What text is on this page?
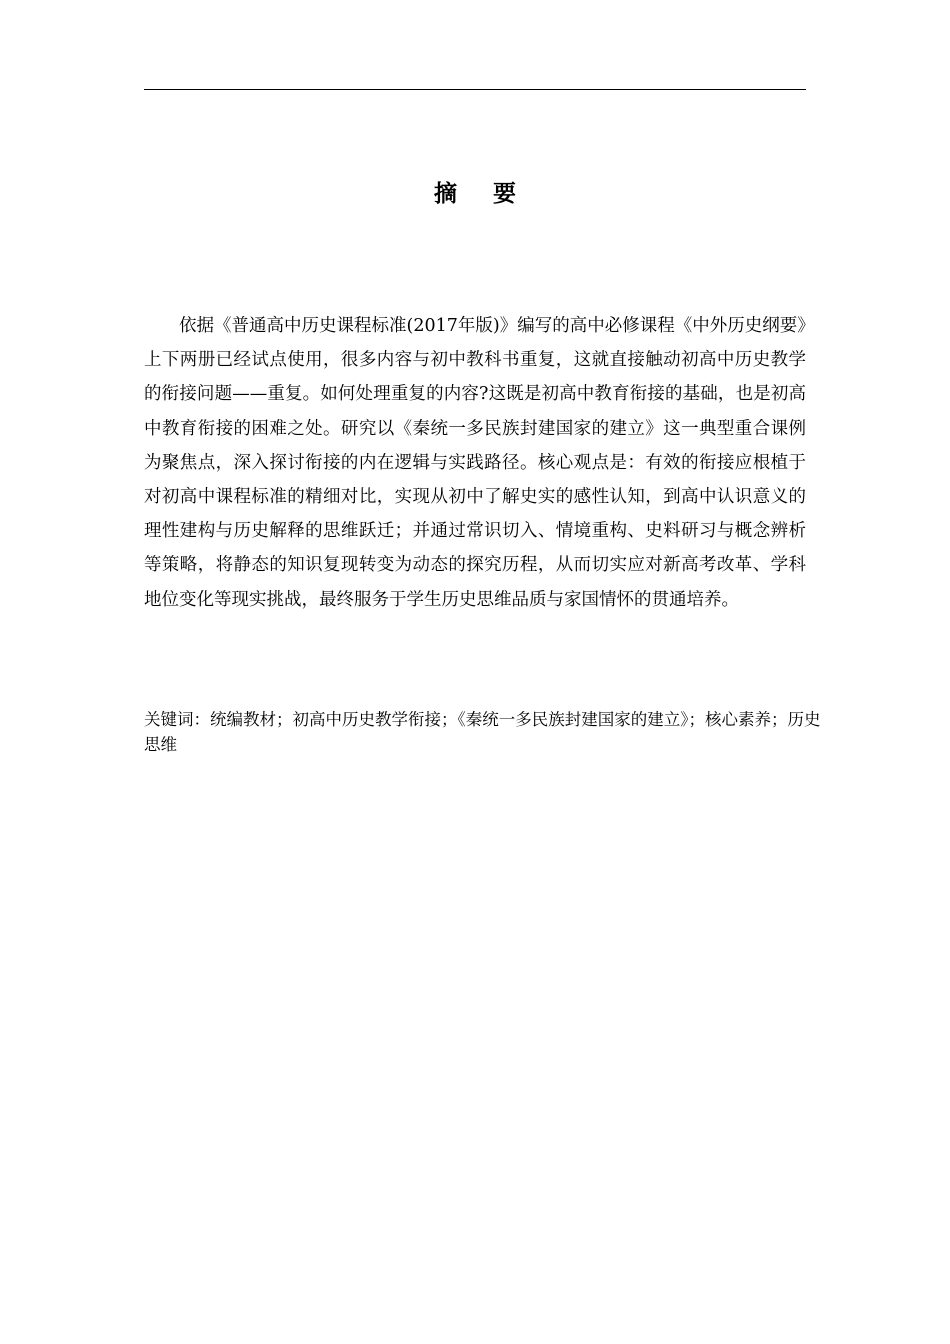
摘 要

依据《普通高中历史课程标准(2017年版)》编写的高中必修课程《中外历史纲要》上下两册已经试点使用，很多内容与初中教科书重复，这就直接触动初高中历史教学的衔接问题——重复。如何处理重复的内容?这既是初高中教育衔接的基础，也是初高中教育衔接的困难之处。研究以《秦统一多民族封建国家的建立》这一典型重合课例为聚焦点，深入探讨衔接的内在逻辑与实践路径。核心观点是：有效的衔接应根植于对初高中课程标准的精细对比，实现从初中了解史实的感性认知，到高中认识意义的理性建构与历史解释的思维跃迁；并通过常识切入、情境重构、史料研习与概念辨析等策略，将静态的知识复现转变为动态的探究历程，从而切实应对新高考改革、学科地位变化等现实挑战，最终服务于学生历史思维品质与家国情怀的贯通培养。

关键词：统编教材；初高中历史教学衔接；《秦统一多民族封建国家的建立》；核心素养；历史思维
